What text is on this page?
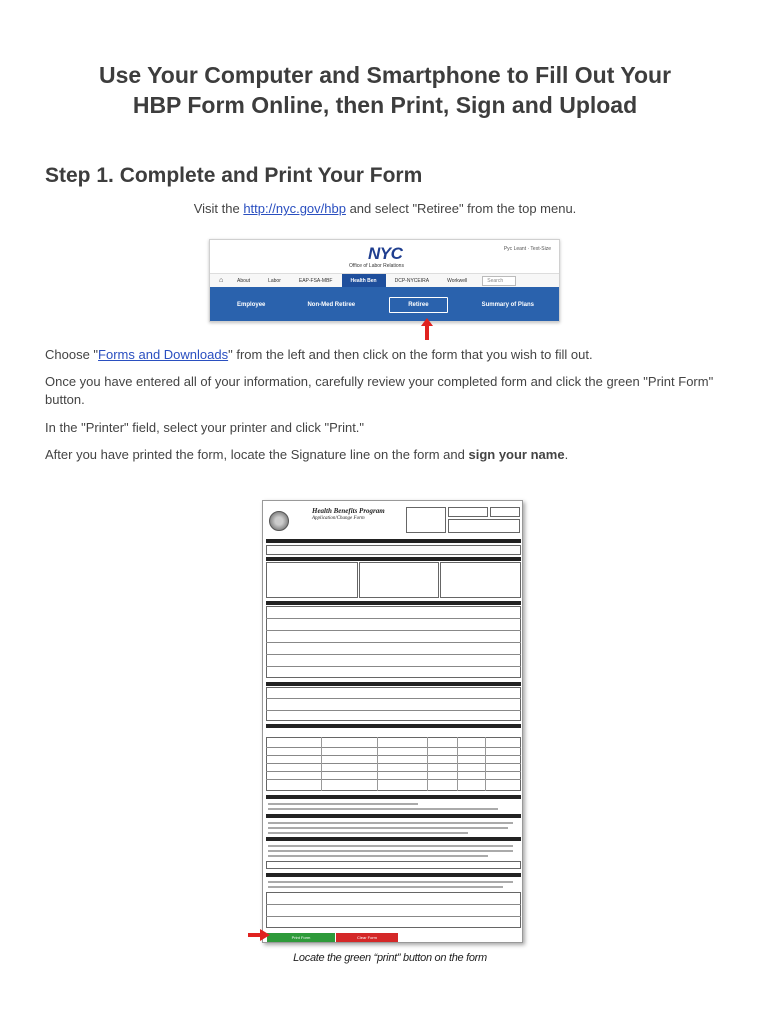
Use Your Computer and Smartphone to Fill Out Your
HBP Form Online, then Print, Sign and Upload
Step 1. Complete and Print Your Form
Visit the http://nyc.gov/hbp and select "Retiree" from the top menu.
NYC
Office of Labor Relations
Pyc Leant · Text-Size
⌂	About	Labor	EAP-FSA-MBF	Health Ben	DCP-NYCEIRA	Workwell	Search
Employee	Non-Med Retiree	Retiree	Summary of Plans
Choose "Forms and Downloads" from the left and then click on the form that you wish to fill out.
Once you have entered all of your information, carefully review your completed form and click the green "Print Form" button.
In the "Printer" field, select your printer and click "Print."
After you have printed the form, locate the Signature line on the form and sign your name.
Health Benefits Program
Application/Change Form
Print Form	Clear Form
Locate the green “print” button on the form
